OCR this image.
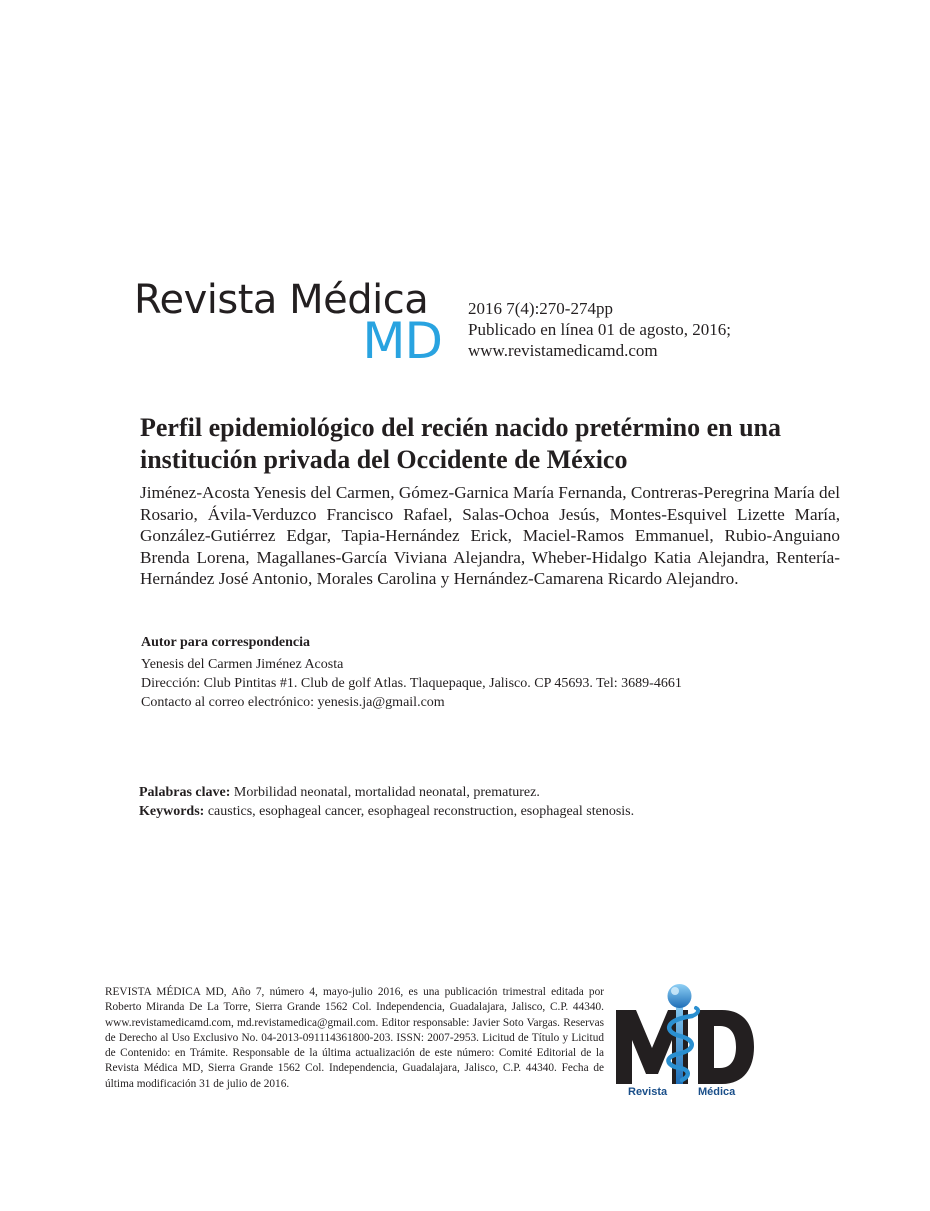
Revista Médica
MD
2016 7(4):270-274pp
Publicado en línea 01 de agosto, 2016;
www.revistamedicamd.com
Perfil epidemiológico del recién nacido pretérmino en una
institución privada del Occidente de México
Jiménez-Acosta Yenesis del Carmen, Gómez-Garnica María Fernanda, Contreras-Peregrina María del Rosario, Ávila-Verduzco Francisco Rafael, Salas-Ochoa Jesús, Montes-Esquivel Lizette María, González-Gutiérrez Edgar, Tapia-Hernández Erick, Maciel-Ramos Emmanuel, Rubio-Anguiano Brenda Lorena, Magallanes-García Viviana Alejandra, Wheber-Hidalgo Katia Alejandra, Rentería-Hernández José Antonio, Morales Carolina y Hernández-Camarena Ricardo Alejandro.
Autor para correspondencia
Yenesis del Carmen Jiménez Acosta
Dirección: Club Pintitas #1. Club de golf Atlas. Tlaquepaque, Jalisco. CP 45693. Tel: 3689-4661
Contacto al correo electrónico: yenesis.ja@gmail.com
Palabras clave: Morbilidad neonatal, mortalidad neonatal, prematurez.
Keywords: caustics, esophageal cancer, esophageal reconstruction, esophageal stenosis.
REVISTA MÉDICA MD, Año 7, número 4, mayo-julio 2016, es una publicación trimestral editada por Roberto Miranda De La Torre, Sierra Grande 1562 Col. Independencia, Guadalajara, Jalisco, C.P. 44340. www.revistamedicamd.com, md.revistamedica@gmail.com. Editor responsable: Javier Soto Vargas. Reservas de Derecho al Uso Exclusivo No. 04-2013-091114361800-203. ISSN: 2007-2953. Licitud de Título y Licitud de Contenido: en Trámite. Responsable de la última actualización de este número: Comité Editorial de la Revista Médica MD, Sierra Grande 1562 Col. Independencia, Guadalajara, Jalisco, C.P. 44340. Fecha de última modificación 31 de julio de 2016.
Revista	Médica
